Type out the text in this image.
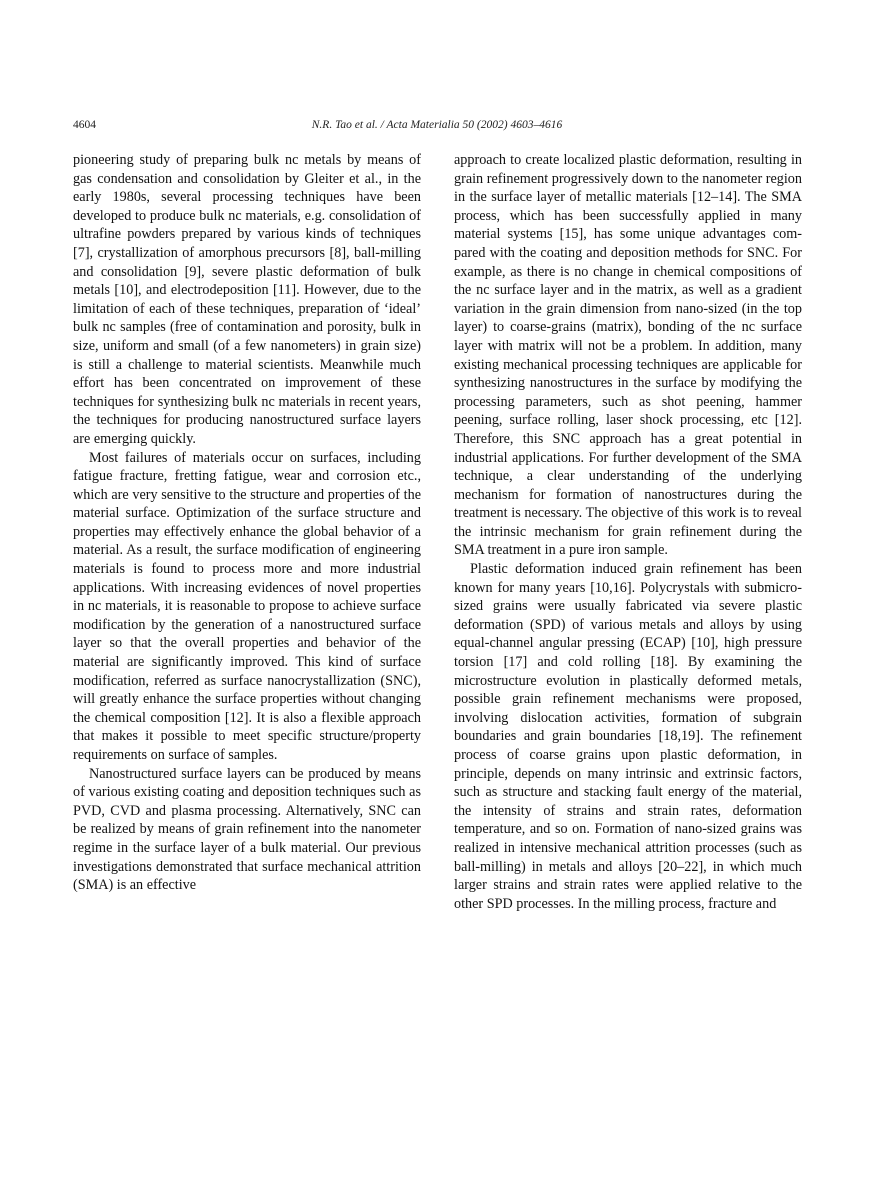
4604	N.R. Tao et al. / Acta Materialia 50 (2002) 4603–4616

pioneering study of preparing bulk nc metals by means of gas condensation and consolidation by Gleiter et al., in the early 1980s, several processing techniques have been developed to produce bulk nc materials, e.g. consolidation of ultrafine powders prepared by various kinds of techniques [7], crystallization of amorphous precursors [8], ball-milling and consolidation [9], severe plastic deformation of bulk metals [10], and electrodeposition [11]. However, due to the limitation of each of these techniques, preparation of ‘ideal’ bulk nc samples (free of contamination and porosity, bulk in size, uniform and small (of a few nanometers) in grain size) is still a challenge to material scientists. Meanwhile much effort has been concentrated on improvement of these techniques for synthesizing bulk nc materials in recent years, the techniques for producing nanostructured surface layers are emerging quickly.

Most failures of materials occur on surfaces, including fatigue fracture, fretting fatigue, wear and corrosion etc., which are very sensitive to the structure and properties of the material surface. Optimization of the surface structure and properties may effectively enhance the global behavior of a material. As a result, the surface modification of engineering materials is found to process more and more industrial applications. With increasing evidences of novel properties in nc materials, it is reasonable to propose to achieve surface modification by the generation of a nanostructured surface layer so that the overall properties and behavior of the material are significantly improved. This kind of surface modification, referred as surface nanocrystallization (SNC), will greatly enhance the surface properties without changing the chemical composition [12]. It is also a flexible approach that makes it possible to meet specific structure/property requirements on surface of samples.

Nanostructured surface layers can be produced by means of various existing coating and deposition techniques such as PVD, CVD and plasma processing. Alternatively, SNC can be realized by means of grain refinement into the nanometer regime in the surface layer of a bulk material. Our previous investigations demonstrated that surface mechanical attrition (SMA) is an effective

approach to create localized plastic deformation, resulting in grain refinement progressively down to the nanometer region in the surface layer of metallic materials [12–14]. The SMA process, which has been successfully applied in many material systems [15], has some unique advantages compared with the coating and deposition methods for SNC. For example, as there is no change in chemical compositions of the nc surface layer and in the matrix, as well as a gradient variation in the grain dimension from nano-sized (in the top layer) to coarse-grains (matrix), bonding of the nc surface layer with matrix will not be a problem. In addition, many existing mechanical processing techniques are applicable for synthesizing nanostructures in the surface by modifying the processing parameters, such as shot peening, hammer peening, surface rolling, laser shock processing, etc [12]. Therefore, this SNC approach has a great potential in industrial applications. For further development of the SMA technique, a clear understanding of the underlying mechanism for formation of nanostructures during the treatment is necessary. The objective of this work is to reveal the intrinsic mechanism for grain refinement during the SMA treatment in a pure iron sample.

Plastic deformation induced grain refinement has been known for many years [10,16]. Polycrystals with submicro-sized grains were usually fabricated via severe plastic deformation (SPD) of various metals and alloys by using equal-channel angular pressing (ECAP) [10], high pressure torsion [17] and cold rolling [18]. By examining the microstructure evolution in plastically deformed metals, possible grain refinement mechanisms were proposed, involving dislocation activities, formation of subgrain boundaries and grain boundaries [18,19]. The refinement process of coarse grains upon plastic deformation, in principle, depends on many intrinsic and extrinsic factors, such as structure and stacking fault energy of the material, the intensity of strains and strain rates, deformation temperature, and so on. Formation of nano-sized grains was realized in intensive mechanical attrition processes (such as ball-milling) in metals and alloys [20–22], in which much larger strains and strain rates were applied relative to the other SPD processes. In the milling process, fracture and
